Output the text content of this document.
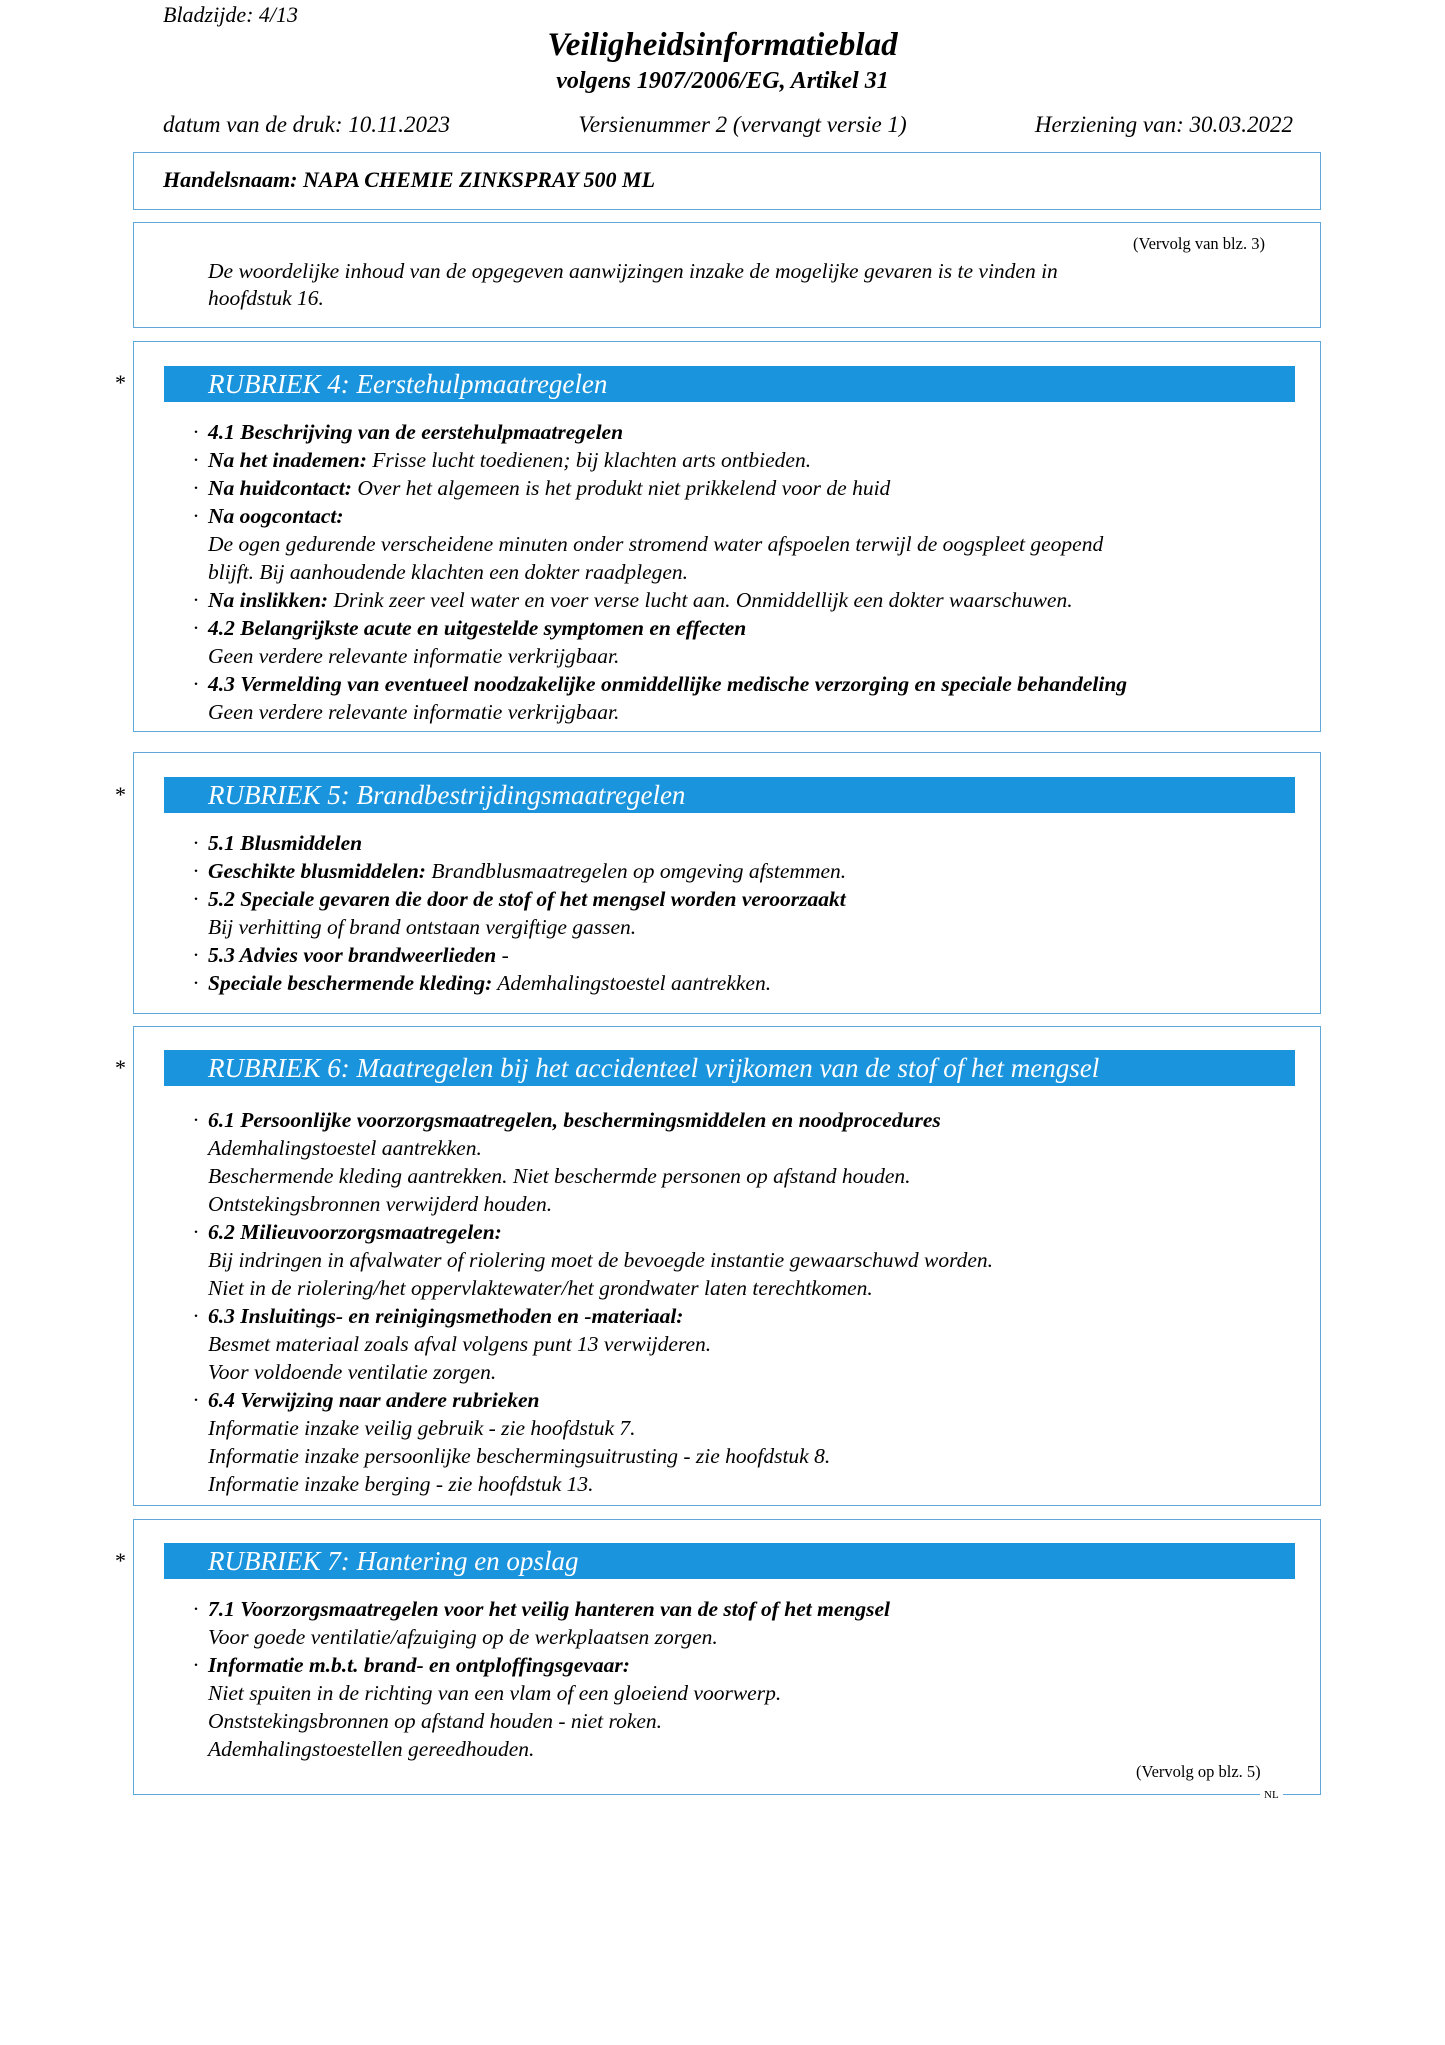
Bladzijde: 4/13
Veiligheidsinformatieblad
volgens 1907/2006/EG, Artikel 31
datum van de druk: 10.11.2023	Versienummer 2 (vervangt versie 1)	Herziening van: 30.03.2022
Handelsnaam: NAPA CHEMIE ZINKSPRAY 500 ML
(Vervolg van blz. 3)
De woordelijke inhoud van de opgegeven aanwijzingen inzake de mogelijke gevaren is te vinden in
hoofdstuk 16.
*	RUBRIEK 4: Eerstehulpmaatregelen
· 4.1 Beschrijving van de eerstehulpmaatregelen
· Na het inademen: Frisse lucht toedienen; bij klachten arts ontbieden.
· Na huidcontact: Over het algemeen is het produkt niet prikkelend voor de huid
· Na oogcontact:
De ogen gedurende verscheidene minuten onder stromend water afspoelen terwijl de oogspleet geopend
blijft. Bij aanhoudende klachten een dokter raadplegen.
· Na inslikken: Drink zeer veel water en voer verse lucht aan. Onmiddellijk een dokter waarschuwen.
· 4.2 Belangrijkste acute en uitgestelde symptomen en effecten
Geen verdere relevante informatie verkrijgbaar.
· 4.3 Vermelding van eventueel noodzakelijke onmiddellijke medische verzorging en speciale behandeling
Geen verdere relevante informatie verkrijgbaar.
*	RUBRIEK 5: Brandbestrijdingsmaatregelen
· 5.1 Blusmiddelen
· Geschikte blusmiddelen: Brandblusmaatregelen op omgeving afstemmen.
· 5.2 Speciale gevaren die door de stof of het mengsel worden veroorzaakt
Bij verhitting of brand ontstaan vergiftige gassen.
· 5.3 Advies voor brandweerlieden -
· Speciale beschermende kleding: Ademhalingstoestel aantrekken.
*	RUBRIEK 6: Maatregelen bij het accidenteel vrijkomen van de stof of het mengsel
· 6.1 Persoonlijke voorzorgsmaatregelen, beschermingsmiddelen en noodprocedures
Ademhalingstoestel aantrekken.
Beschermende kleding aantrekken. Niet beschermde personen op afstand houden.
Ontstekingsbronnen verwijderd houden.
· 6.2 Milieuvoorzorgsmaatregelen:
Bij indringen in afvalwater of riolering moet de bevoegde instantie gewaarschuwd worden.
Niet in de riolering/het oppervlaktewater/het grondwater laten terechtkomen.
· 6.3 Insluitings- en reinigingsmethoden en -materiaal:
Besmet materiaal zoals afval volgens punt 13 verwijderen.
Voor voldoende ventilatie zorgen.
· 6.4 Verwijzing naar andere rubrieken
Informatie inzake veilig gebruik - zie hoofdstuk 7.
Informatie inzake persoonlijke beschermingsuitrusting - zie hoofdstuk 8.
Informatie inzake berging - zie hoofdstuk 13.
*	RUBRIEK 7: Hantering en opslag
· 7.1 Voorzorgsmaatregelen voor het veilig hanteren van de stof of het mengsel
Voor goede ventilatie/afzuiging op de werkplaatsen zorgen.
· Informatie m.b.t. brand- en ontploffingsgevaar:
Niet spuiten in de richting van een vlam of een gloeiend voorwerp.
Onststekingsbronnen op afstand houden - niet roken.
Ademhalingstoestellen gereedhouden.
(Vervolg op blz. 5)
NL
